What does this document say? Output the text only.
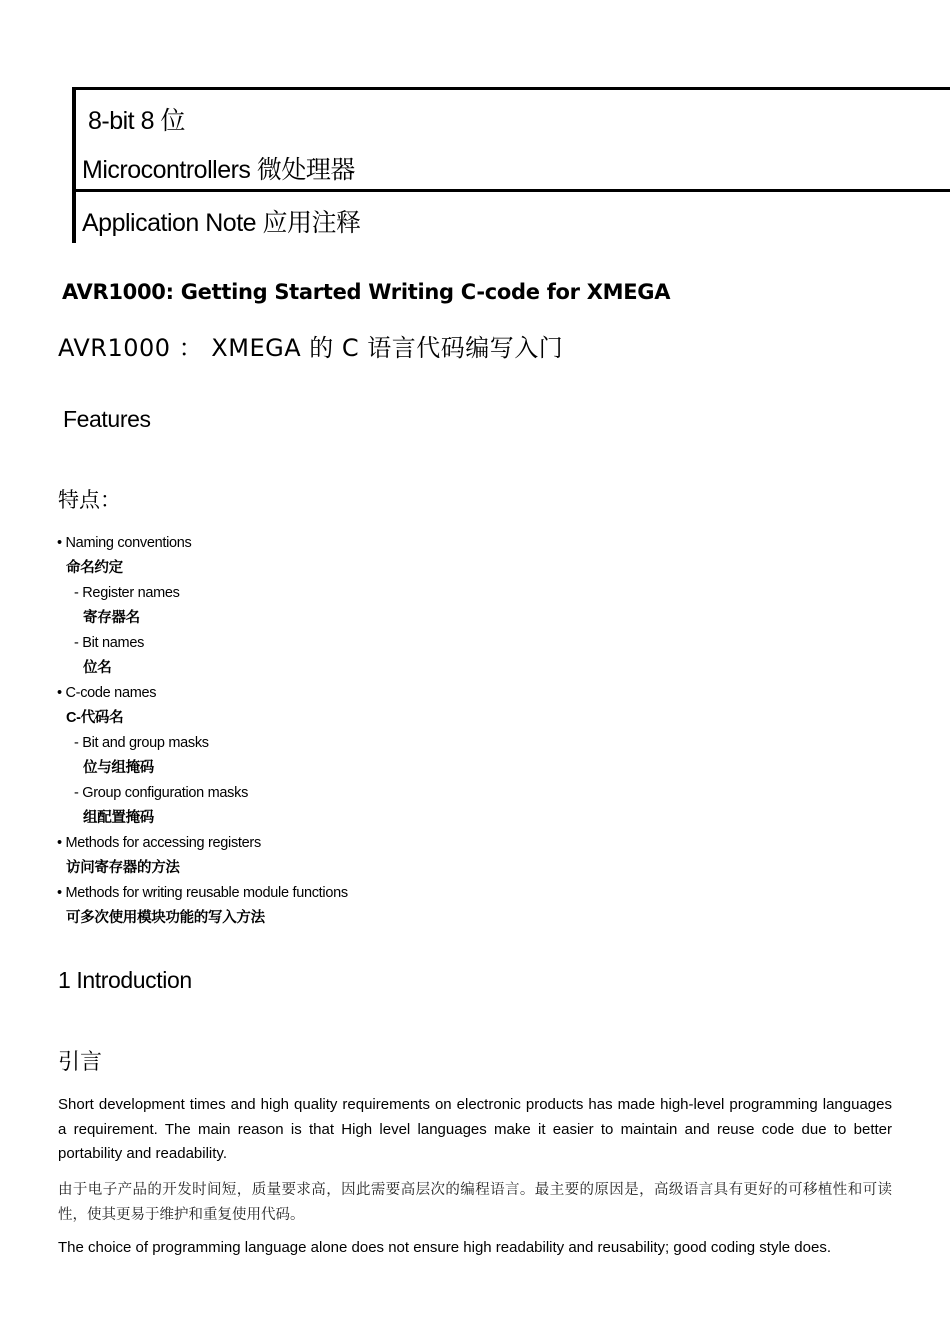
8-bit 8 位
Microcontrollers 微处理器
Application Note 应用注释
AVR1000: Getting Started Writing C-code for XMEGA
AVR1000 ： XMEGA 的 C 语言代码编写入门
Features
特点：
• Naming conventions
命名约定
- Register names
寄存器名
- Bit names
位名
• C-code names
C-代码名
- Bit and group masks
位与组掩码
- Group configuration masks
组配置掩码
• Methods for accessing registers
访问寄存器的方法
• Methods for writing reusable module functions
可多次使用模块功能的写入方法
1 Introduction
引言
Short development times and high quality requirements on electronic products has made high-level programming languages a requirement. The main reason is that High level languages make it easier to maintain and reuse code due to better portability and readability.
由于电子产品的开发时间短，质量要求高，因此需要高层次的编程语言。最主要的原因是，高级语言具有更好的可移植性和可读性，使其更易于维护和重复使用代码。
The choice of programming language alone does not ensure high readability and reusability; good coding style does.
